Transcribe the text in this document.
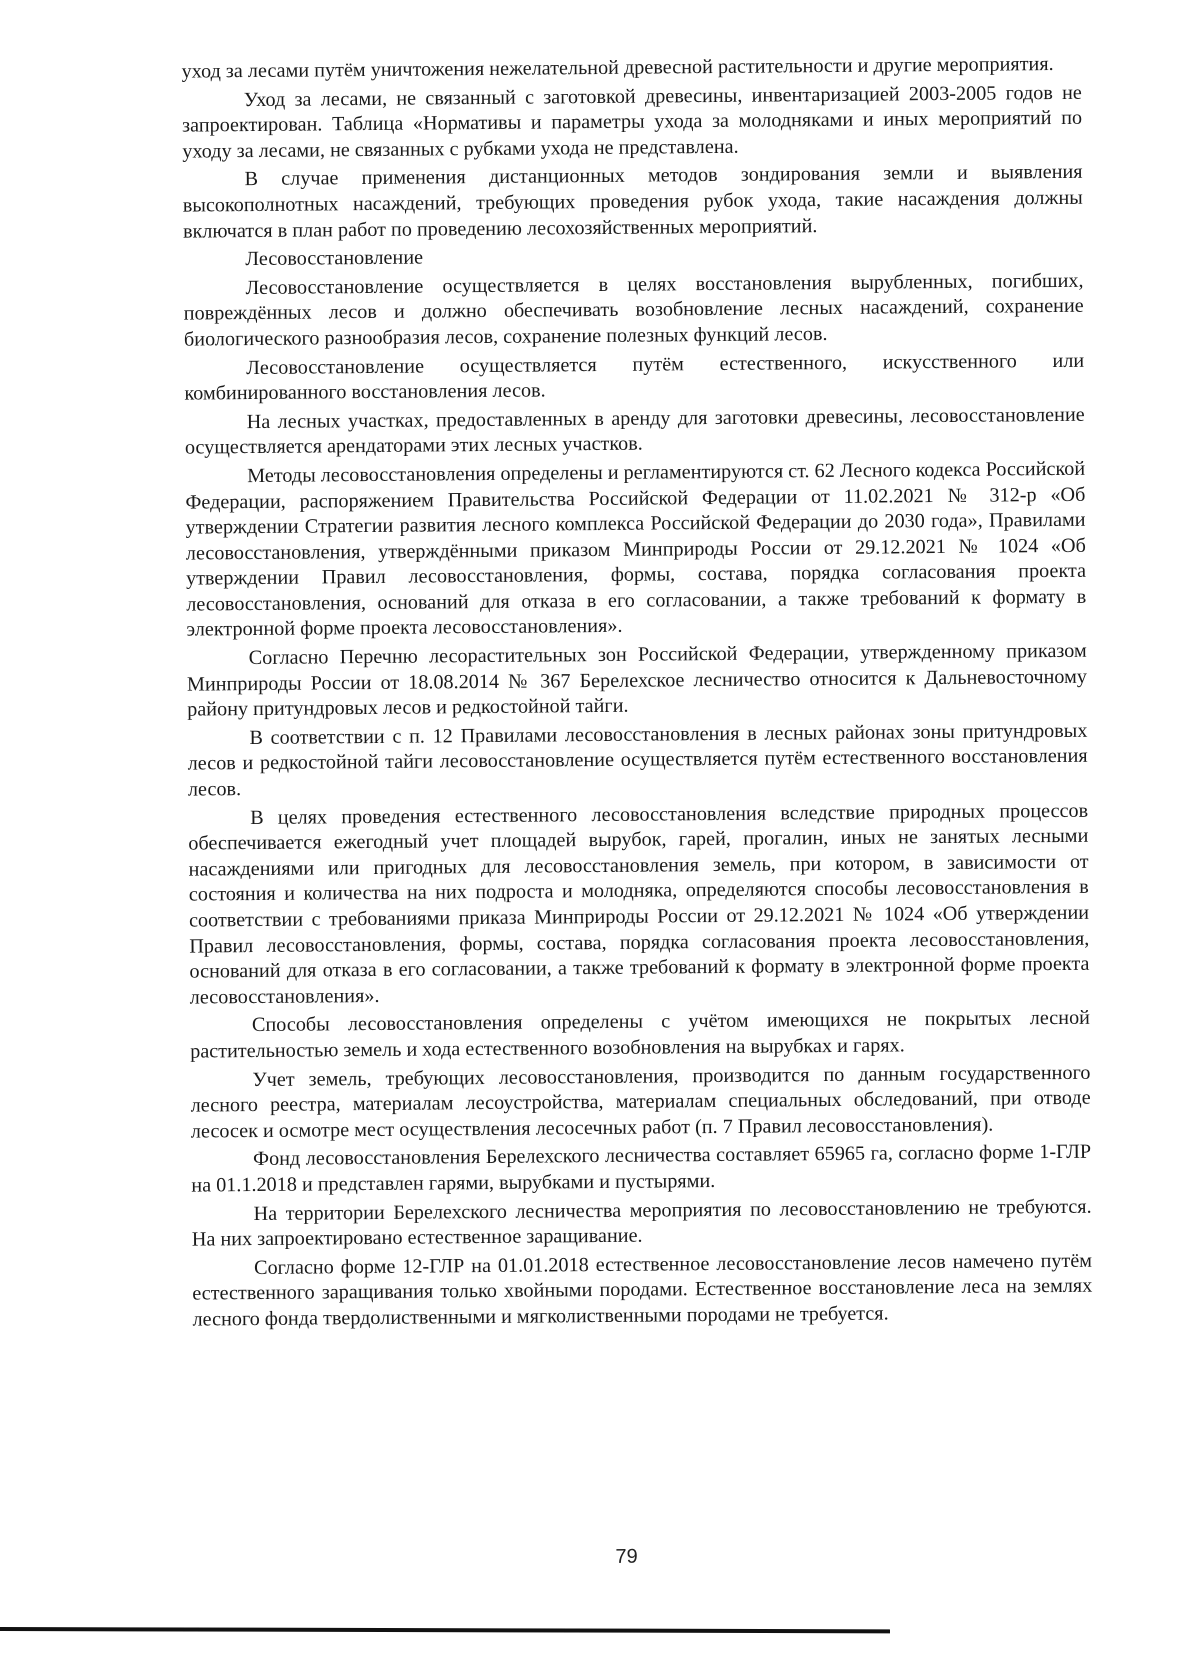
уход за лесами путём уничтожения нежелательной древесной растительности и другие мероприятия.

Уход за лесами, не связанный с заготовкой древесины, инвентаризацией 2003-2005 годов не запроектирован. Таблица «Нормативы и параметры ухода за молодняками и иных мероприятий по уходу за лесами, не связанных с рубками ухода не представлена.

В случае применения дистанционных методов зондирования земли и выявления высокополнотных насаждений, требующих проведения рубок ухода, такие насаждения должны включатся в план работ по проведению лесохозяйственных мероприятий.

Лесовосстановление

Лесовосстановление осуществляется в целях восстановления вырубленных, погибших, повреждённых лесов и должно обеспечивать возобновление лесных насаждений, сохранение биологического разнообразия лесов, сохранение полезных функций лесов.

Лесовосстановление осуществляется путём естественного, искусственного или комбинированного восстановления лесов.

На лесных участках, предоставленных в аренду для заготовки древесины, лесовосстановление осуществляется арендаторами этих лесных участков.

Методы лесовосстановления определены и регламентируются ст. 62 Лесного кодекса Российской Федерации, распоряжением Правительства Российской Федерации от 11.02.2021 № 312-р «Об утверждении Стратегии развития лесного комплекса Российской Федерации до 2030 года», Правилами лесовосстановления, утверждёнными приказом Минприроды России от 29.12.2021 № 1024 «Об утверждении Правил лесовосстановления, формы, состава, порядка согласования проекта лесовосстановления, оснований для отказа в его согласовании, а также требований к формату в электронной форме проекта лесовосстановления».

Согласно Перечню лесорастительных зон Российской Федерации, утвержденному приказом Минприроды России от 18.08.2014 № 367 Берелехское лесничество относится к Дальневосточному району притундровых лесов и редкостойной тайги.

В соответствии с п. 12 Правилами лесовосстановления в лесных районах зоны притундровых лесов и редкостойной тайги лесовосстановление осуществляется путём естественного восстановления лесов.

В целях проведения естественного лесовосстановления вследствие природных процессов обеспечивается ежегодный учет площадей вырубок, гарей, прогалин, иных не занятых лесными насаждениями или пригодных для лесовосстановления земель, при котором, в зависимости от состояния и количества на них подроста и молодняка, определяются способы лесовосстановления в соответствии с требованиями приказа Минприроды России от 29.12.2021 № 1024 «Об утверждении Правил лесовосстановления, формы, состава, порядка согласования проекта лесовосстановления, оснований для отказа в его согласовании, а также требований к формату в электронной форме проекта лесовосстановления».

Способы лесовосстановления определены с учётом имеющихся не покрытых лесной растительностью земель и хода естественного возобновления на вырубках и гарях.

Учет земель, требующих лесовосстановления, производится по данным государственного лесного реестра, материалам лесоустройства, материалам специальных обследований, при отводе лесосек и осмотре мест осуществления лесосечных работ (п. 7 Правил лесовосстановления).

Фонд лесовосстановления Берелехского лесничества составляет 65965 га, согласно форме 1-ГЛР на 01.1.2018 и представлен гарями, вырубками и пустырями.

На территории Берелехского лесничества мероприятия по лесовосстановлению не требуются. На них запроектировано естественное заращивание.

Согласно форме 12-ГЛР на 01.01.2018 естественное лесовосстановление лесов намечено путём естественного заращивания только хвойными породами. Естественное восстановление леса на землях лесного фонда твердолиственными и мягколиственными породами не требуется.

79
